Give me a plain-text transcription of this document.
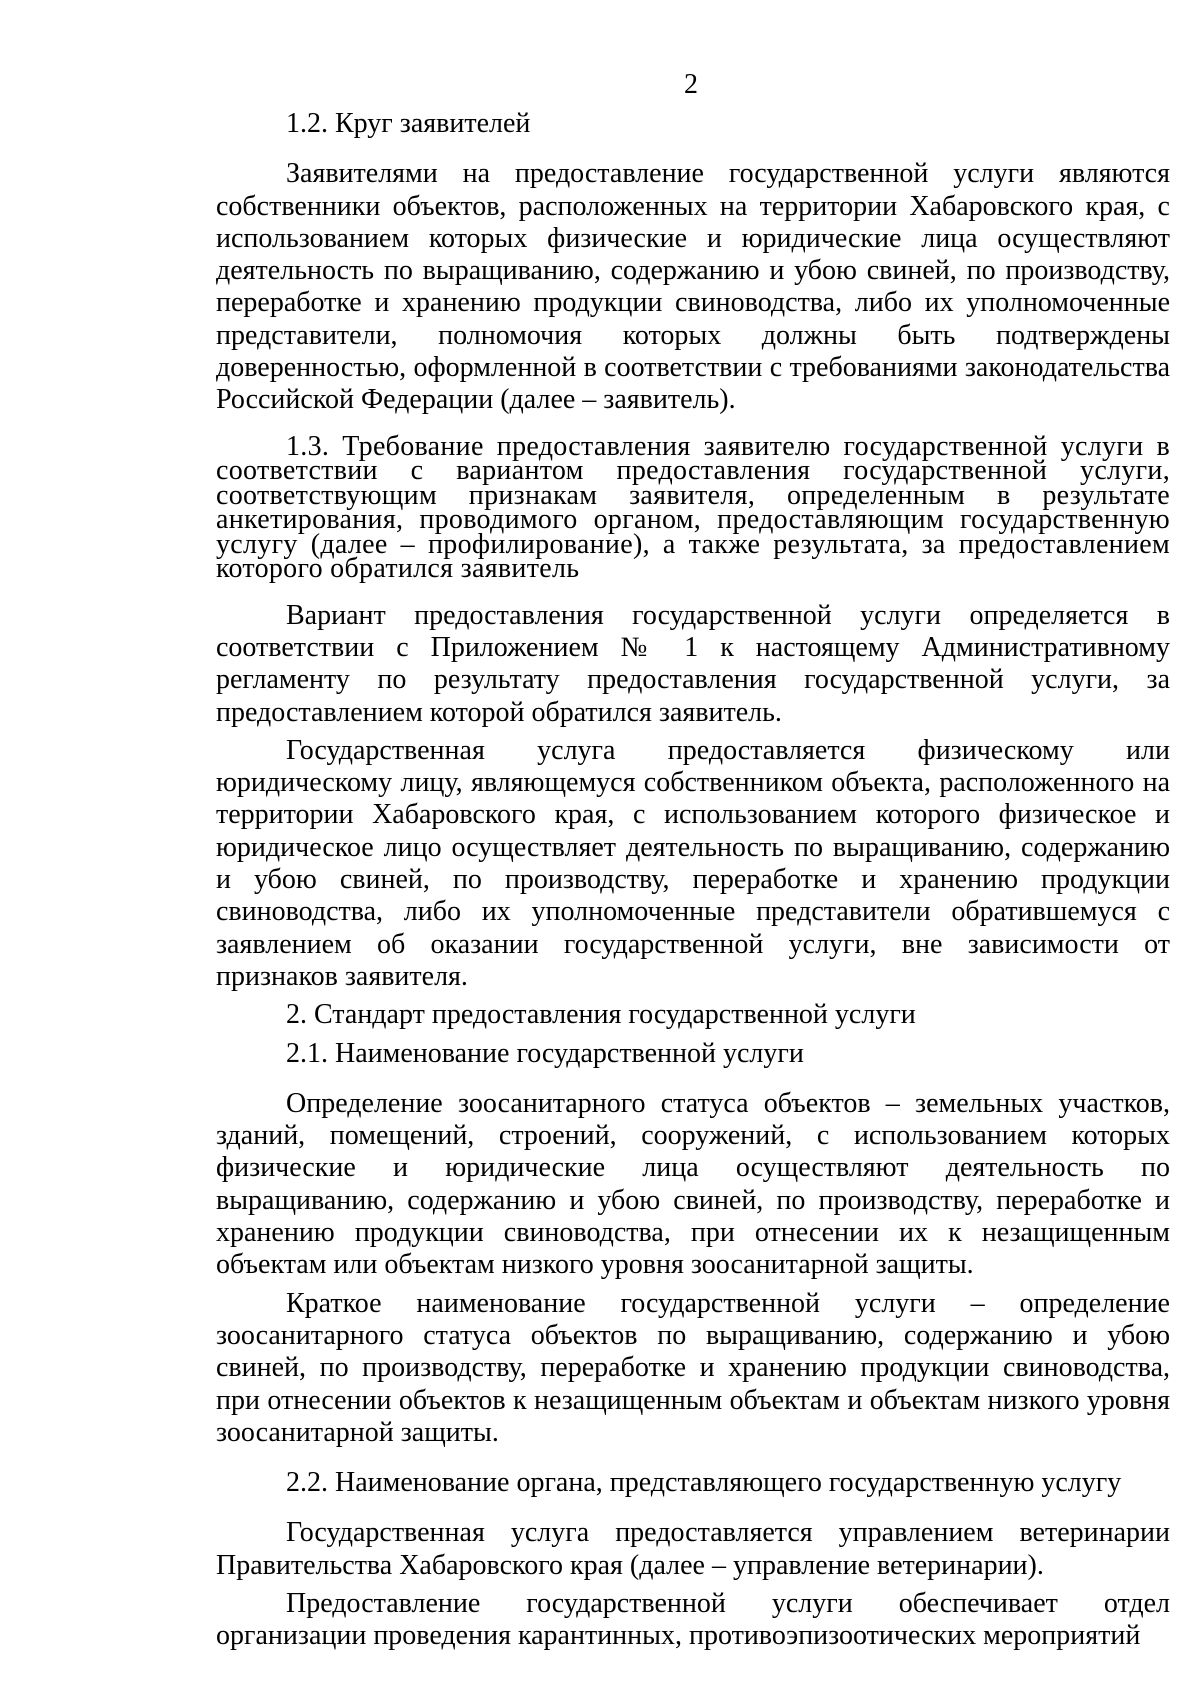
2

1.2. Круг заявителей

Заявителями на предоставление государственной услуги являются собственники объектов, расположенных на территории Хабаровского края, с использованием которых физические и юридические лица осуществляют деятельность по выращиванию, содержанию и убою свиней, по производству, переработке и хранению продукции свиноводства, либо их уполномоченные представители, полномочия которых должны быть подтверждены доверенностью, оформленной в соответствии с требованиями законодательства Российской Федерации (далее – заявитель).

1.3. Требование предоставления заявителю государственной услуги в соответствии с вариантом предоставления государственной услуги, соответствующим признакам заявителя, определенным в результате анкетирования, проводимого органом, предоставляющим государственную услугу (далее – профилирование), а также результата, за предоставлением которого обратился заявитель

Вариант предоставления государственной услуги определяется в соответствии с Приложением № 1 к настоящему Административному регламенту по результату предоставления государственной услуги, за предоставлением которой обратился заявитель.

Государственная услуга предоставляется физическому или юридическому лицу, являющемуся собственником объекта, расположенного на территории Хабаровского края, с использованием которого физическое и юридическое лицо осуществляет деятельность по выращиванию, содержанию и убою свиней, по производству, переработке и хранению продукции свиноводства, либо их уполномоченные представители обратившемуся с заявлением об оказании государственной услуги, вне зависимости от признаков заявителя.

2. Стандарт предоставления государственной услуги

2.1. Наименование государственной услуги

Определение зоосанитарного статуса объектов – земельных участков, зданий, помещений, строений, сооружений, с использованием которых физические и юридические лица осуществляют деятельность по выращиванию, содержанию и убою свиней, по производству, переработке и хранению продукции свиноводства, при отнесении их к незащищенным объектам или объектам низкого уровня зоосанитарной защиты.

Краткое наименование государственной услуги – определение зоосанитарного статуса объектов по выращиванию, содержанию и убою свиней, по производству, переработке и хранению продукции свиноводства, при отнесении объектов к незащищенным объектам и объектам низкого уровня зоосанитарной защиты.

2.2. Наименование органа, представляющего государственную услугу

Государственная услуга предоставляется управлением ветеринарии Правительства Хабаровского края (далее – управление ветеринарии).

Предоставление государственной услуги обеспечивает отдел организации проведения карантинных, противоэпизоотических мероприятий
